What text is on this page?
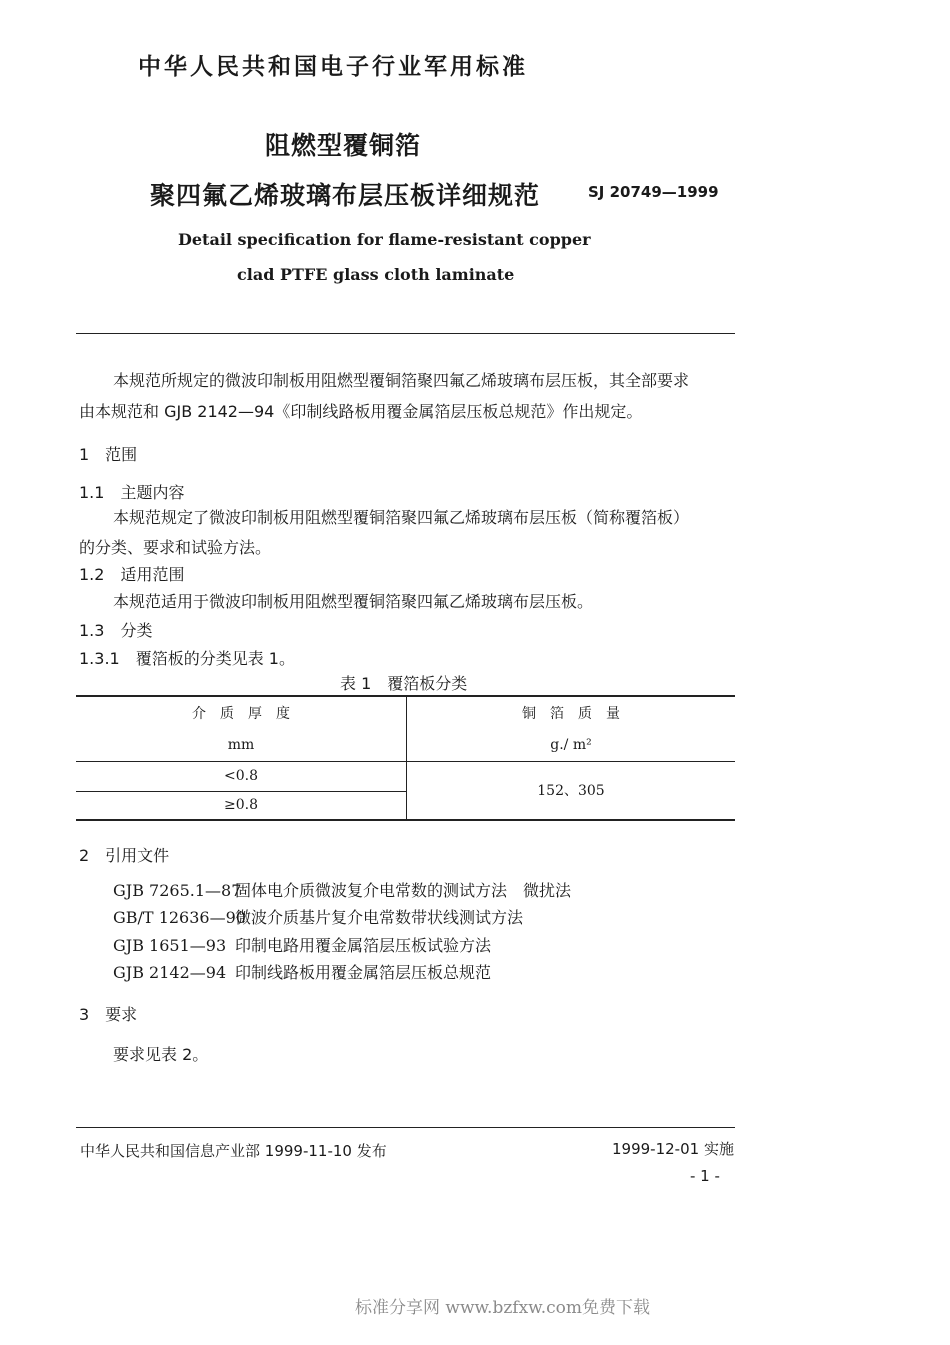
中华人民共和国电子行业军用标准
阻燃型覆铜箔
聚四氟乙烯玻璃布层压板详细规范	SJ 20749—1999
Detail specification for flame-resistant copper
clad PTFE glass cloth laminate
本规范所规定的微波印制板用阻燃型覆铜箔聚四氟乙烯玻璃布层压板，其全部要求
由本规范和 GJB 2142—94《印制线路板用覆金属箔层压板总规范》作出规定。
1　范围
1.1　主题内容
本规范规定了微波印制板用阻燃型覆铜箔聚四氟乙烯玻璃布层压板（简称覆箔板）
的分类、要求和试验方法。
1.2　适用范围
本规范适用于微波印制板用阻燃型覆铜箔聚四氟乙烯玻璃布层压板。
1.3　分类
1.3.1　覆箔板的分类见表 1。
表 1　覆箔板分类
介　质　厚　度	铜　箔　质　量
mm	g./ m²
<0.8	152、305
≥0.8	
2　引用文件
GJB 7265.1—87固体电介质微波复介电常数的测试方法　微扰法
GB/T 12636—90微波介质基片复介电常数带状线测试方法
GJB 1651—93 印制电路用覆金属箔层压板试验方法
GJB 2142—94 印制线路板用覆金属箔层压板总规范
3　要求
要求见表 2。
中华人民共和国信息产业部 1999-11-10 发布	1999-12-01 实施
- 1 -
标准分享网 www.bzfxw.com免费下载
